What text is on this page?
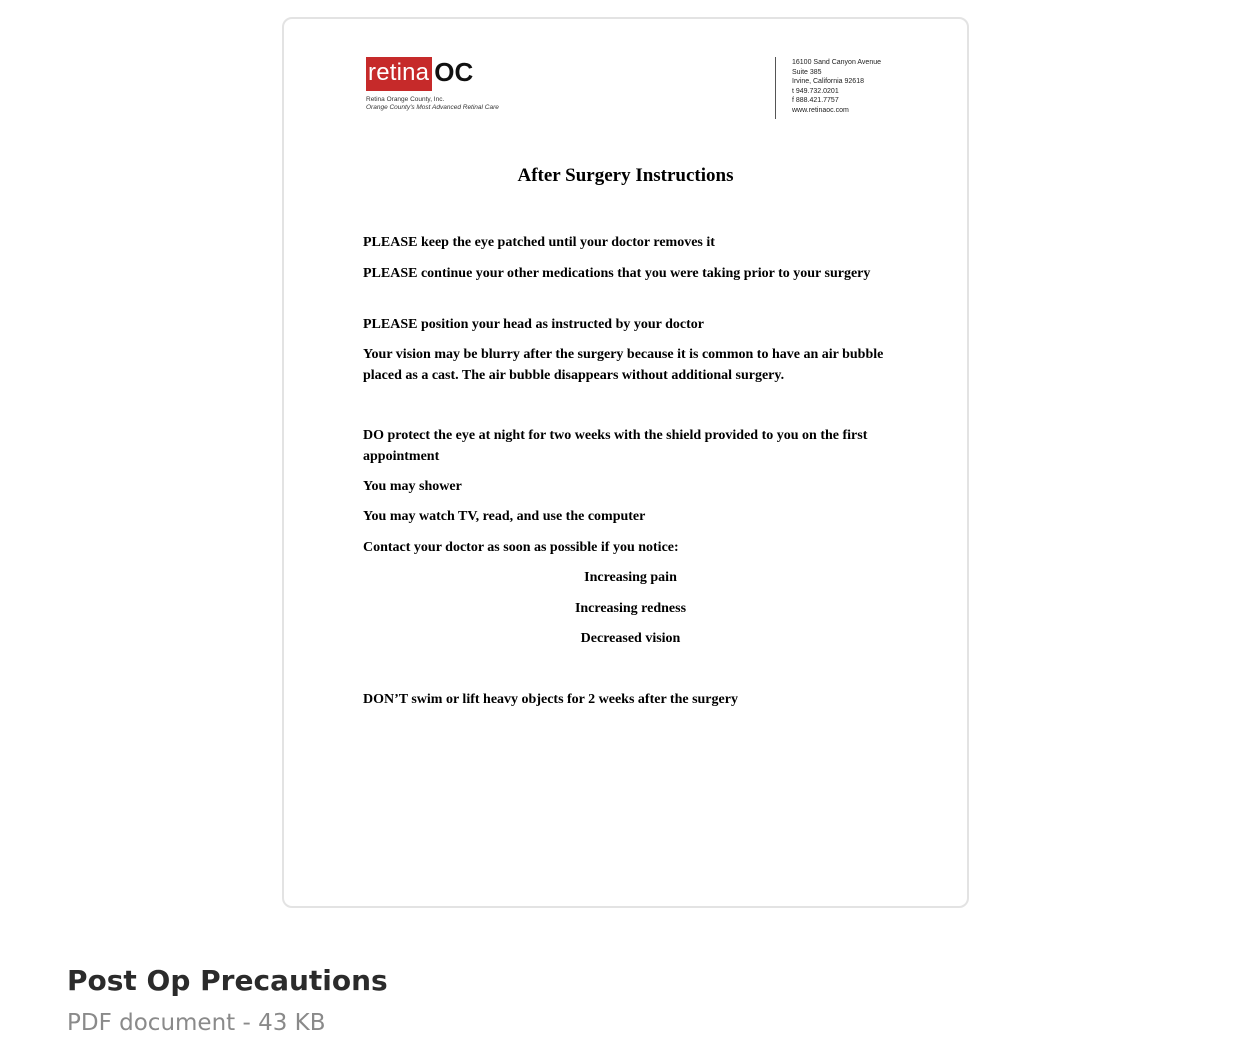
retina OC
Retina Orange County, Inc.
Orange County's Most Advanced Retinal Care
16100 Sand Canyon Avenue
Suite 385
Irvine, California 92618
t 949.732.0201
f 888.421.7757
www.retinaoc.com
After Surgery Instructions
PLEASE keep the eye patched until your doctor removes it
PLEASE continue your other medications that you were taking prior to your surgery
PLEASE position your head as instructed by your doctor
Your vision may be blurry after the surgery because it is common to have an air bubble placed as a cast. The air bubble disappears without additional surgery.
DO protect the eye at night for two weeks with the shield provided to you on the first appointment
You may shower
You may watch TV, read, and use the computer
Contact your doctor as soon as possible if you notice:
Increasing pain
Increasing redness
Decreased vision
DON’T swim or lift heavy objects for 2 weeks after the surgery
Post Op Precautions
PDF document - 43 KB
